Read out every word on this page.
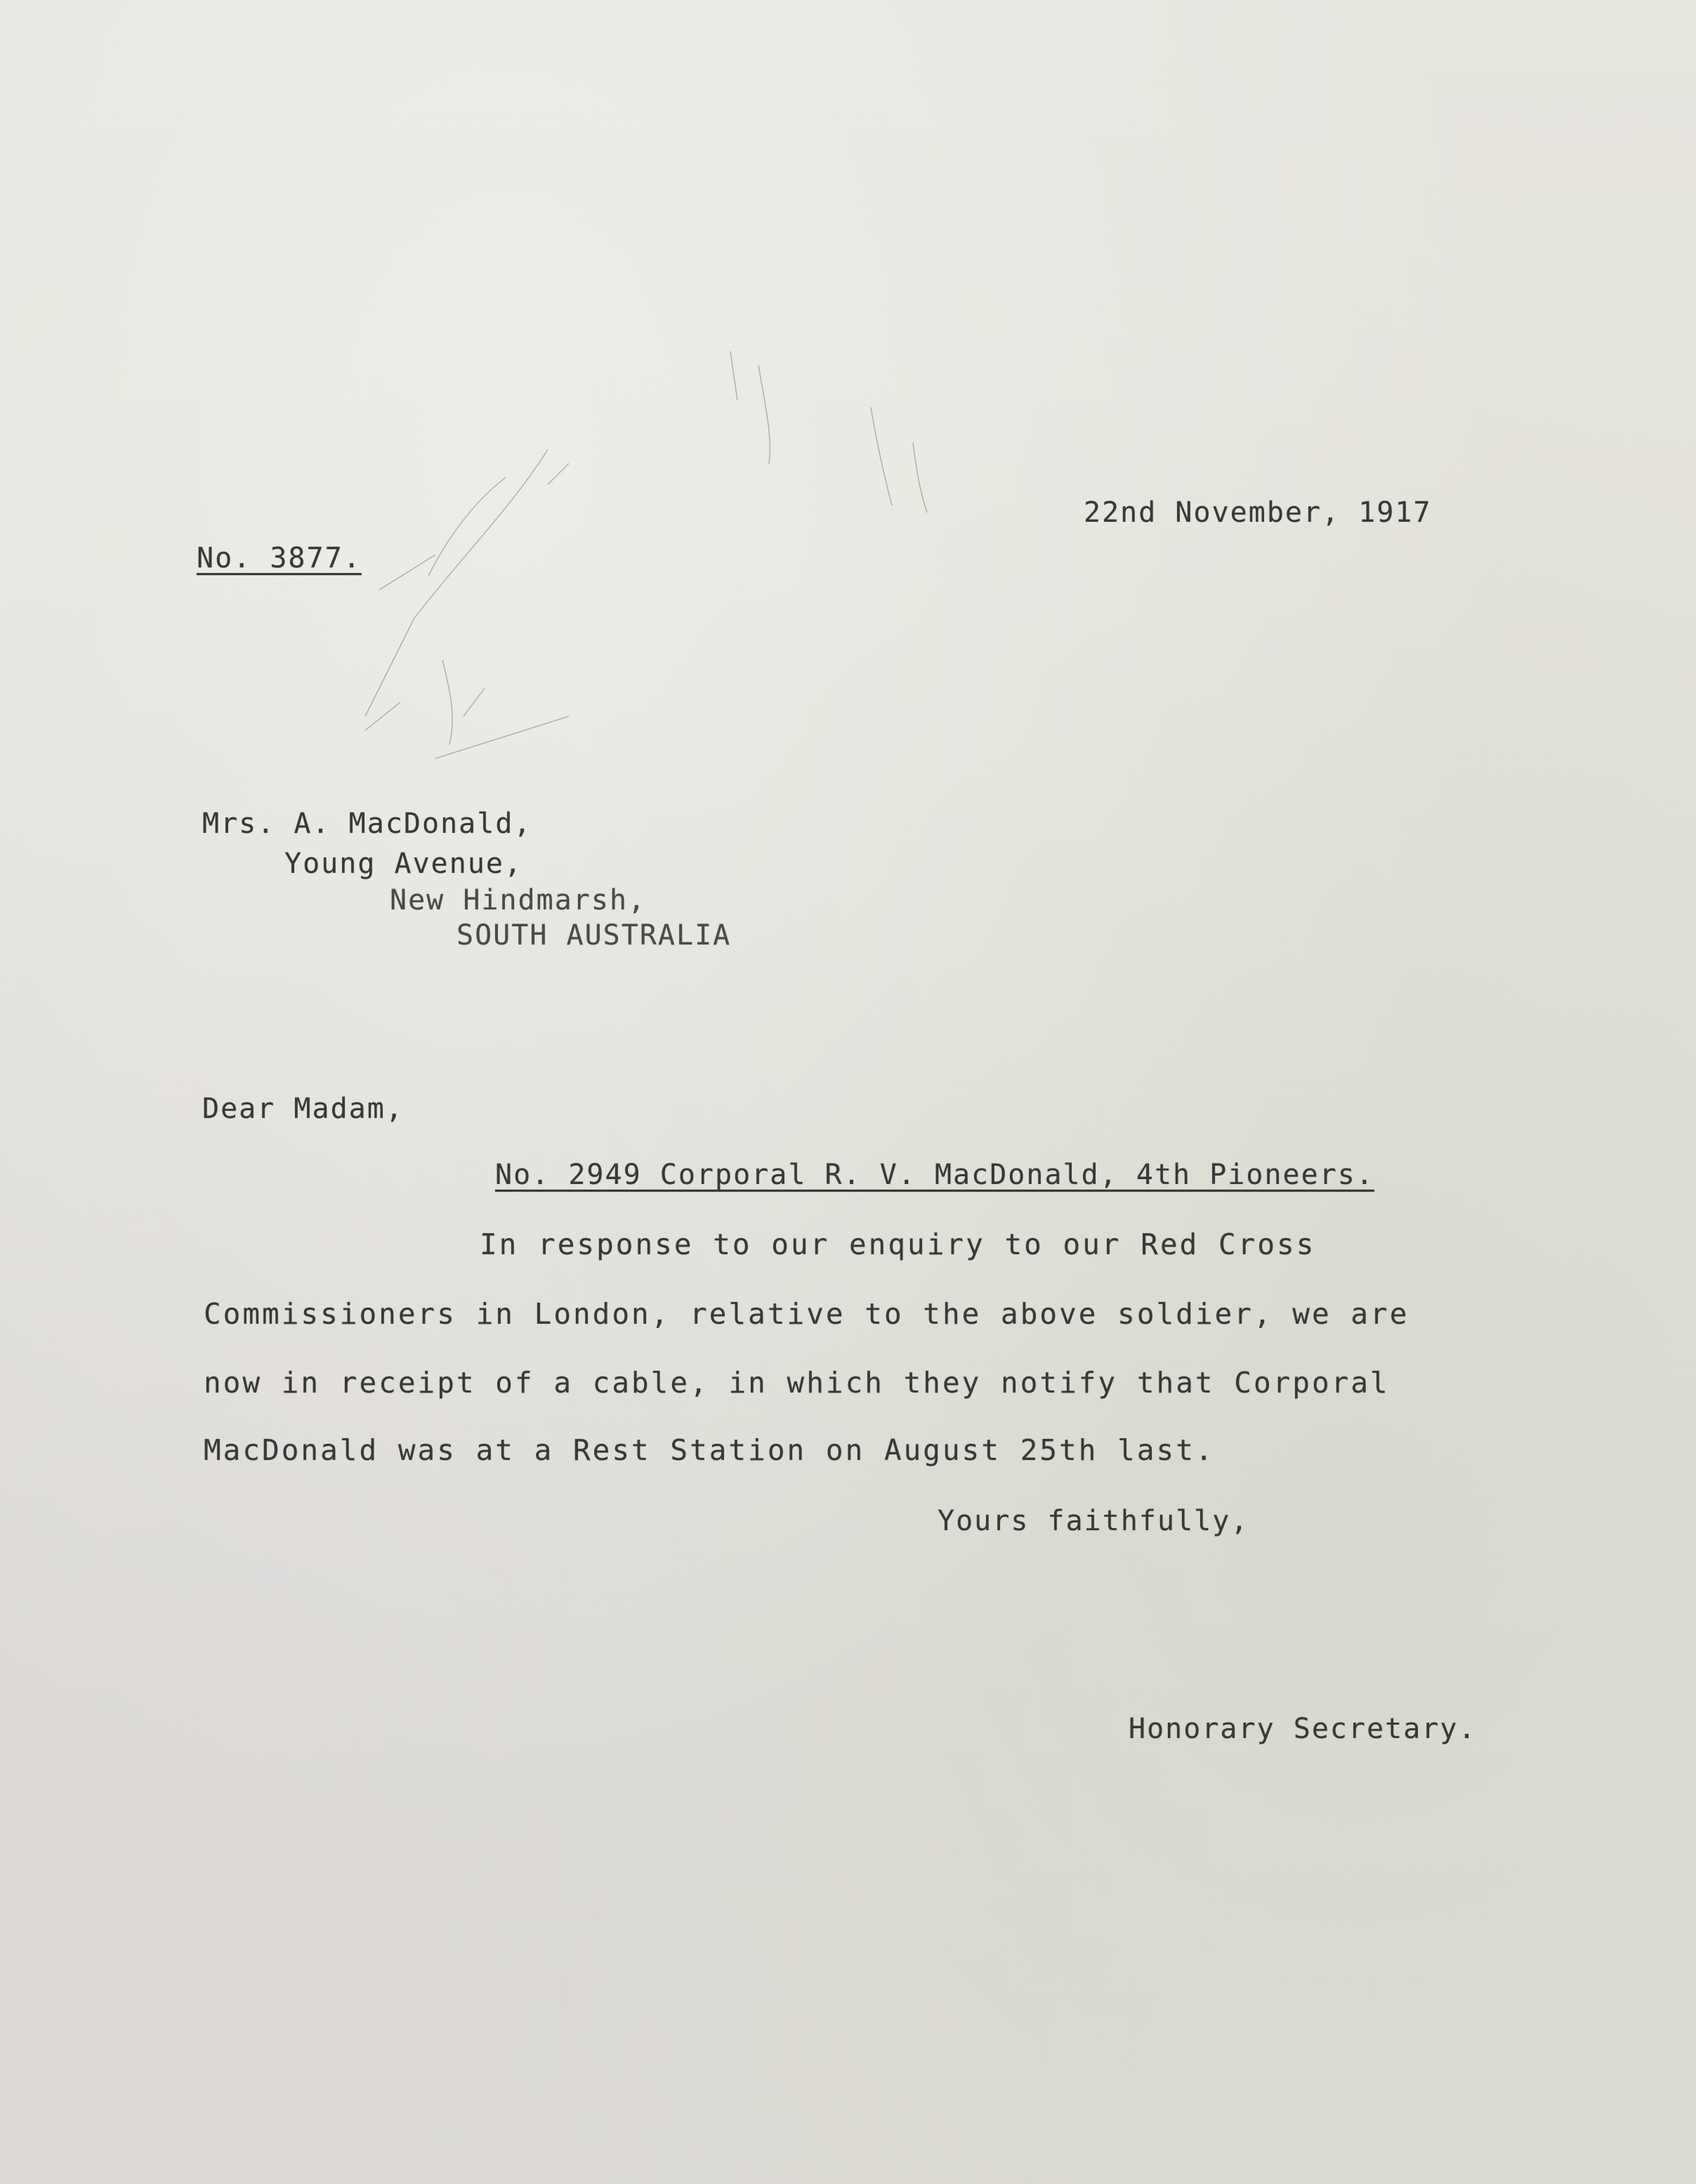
22nd November, 1917
No. 3877.
Mrs. A. MacDonald,
Young Avenue,
New Hindmarsh,
SOUTH AUSTRALIA
Dear Madam,
No. 2949 Corporal R. V. MacDonald, 4th Pioneers.
In response to our enquiry to our Red Cross
Commissioners in London, relative to the above soldier, we are
now in receipt of a cable, in which they notify that Corporal
MacDonald was at a Rest Station on August 25th last.
Yours faithfully,
Honorary Secretary.
